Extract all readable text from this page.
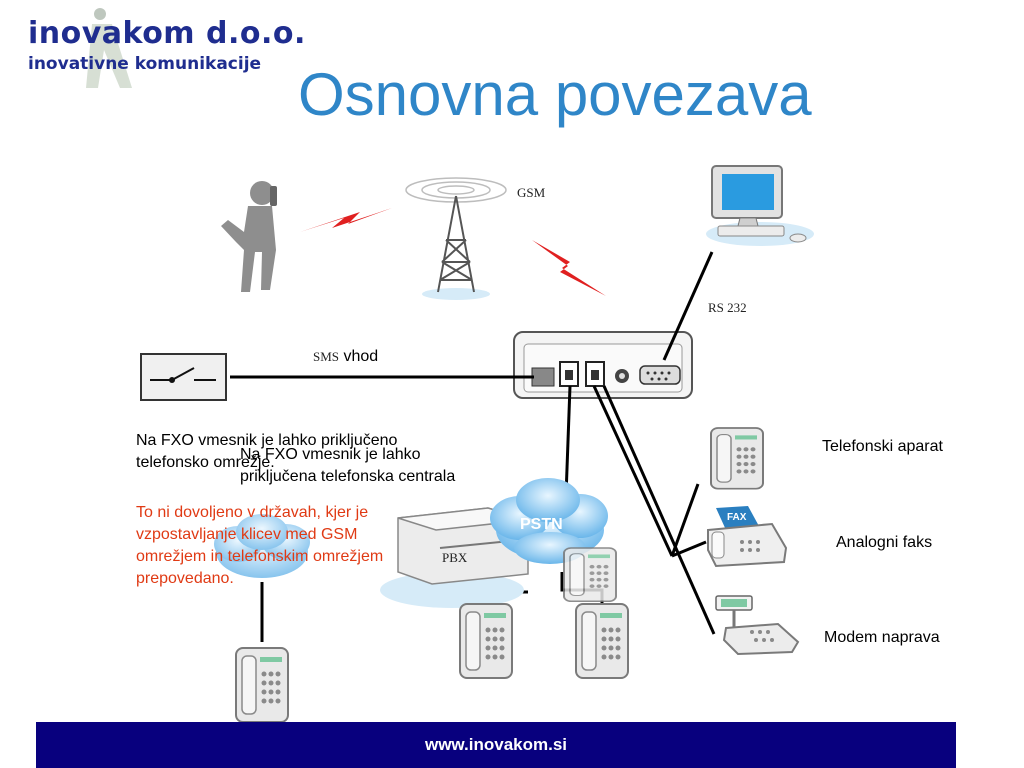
inovakom d.o.o.
inovativne komunikacije Osnovna povezava
GSM
RS 232
SMS vhod
PSTN
PBX
FAX
Telefonski aparat
Analogni faks
Modem naprava
Na FXO vmesnik je lahko priključeno
telefonsko omrežje.
Na FXO vmesnik je lahko
priključena telefonska centrala
To ni dovoljeno v državah, kjer je
vzpostavljanje klicev med GSM
omrežjem in telefonskim omrežjem
prepovedano.
www.inovakom.si
